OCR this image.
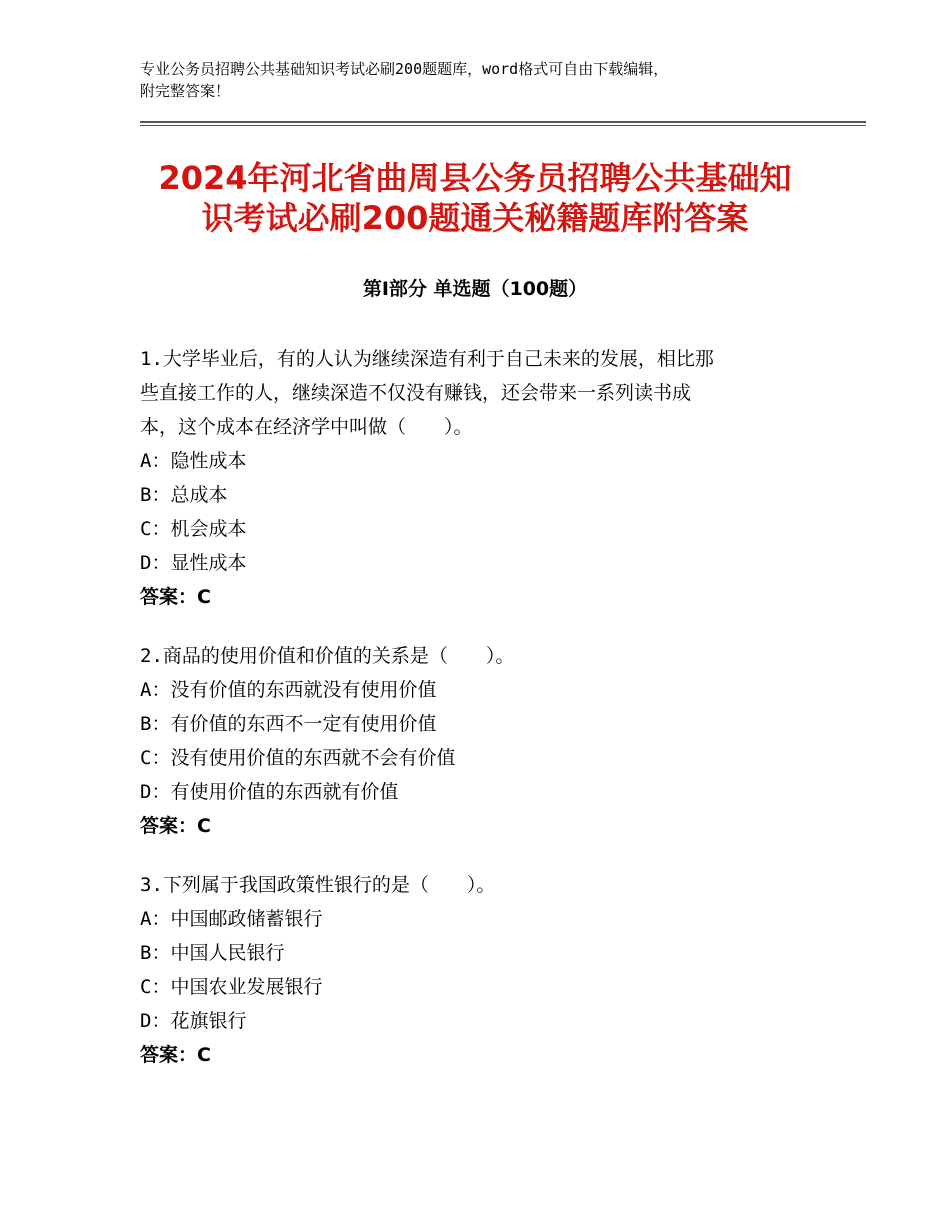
专业公务员招聘公共基础知识考试必刷200题题库，word格式可自由下载编辑，
附完整答案！
2024年河北省曲周县公务员招聘公共基础知
识考试必刷200题通关秘籍题库附答案
第Ⅰ部分 单选题（100题）
1.大学毕业后，有的人认为继续深造有利于自己未来的发展，相比那
些直接工作的人，继续深造不仅没有赚钱，还会带来一系列读书成
本，这个成本在经济学中叫做（　　）。
A：隐性成本
B：总成本
C：机会成本
D：显性成本
答案：C
2.商品的使用价值和价值的关系是（　　）。
A：没有价值的东西就没有使用价值
B：有价值的东西不一定有使用价值
C：没有使用价值的东西就不会有价值
D：有使用价值的东西就有价值
答案：C
3.下列属于我国政策性银行的是（　　）。
A：中国邮政储蓄银行
B：中国人民银行
C：中国农业发展银行
D：花旗银行
答案：C
